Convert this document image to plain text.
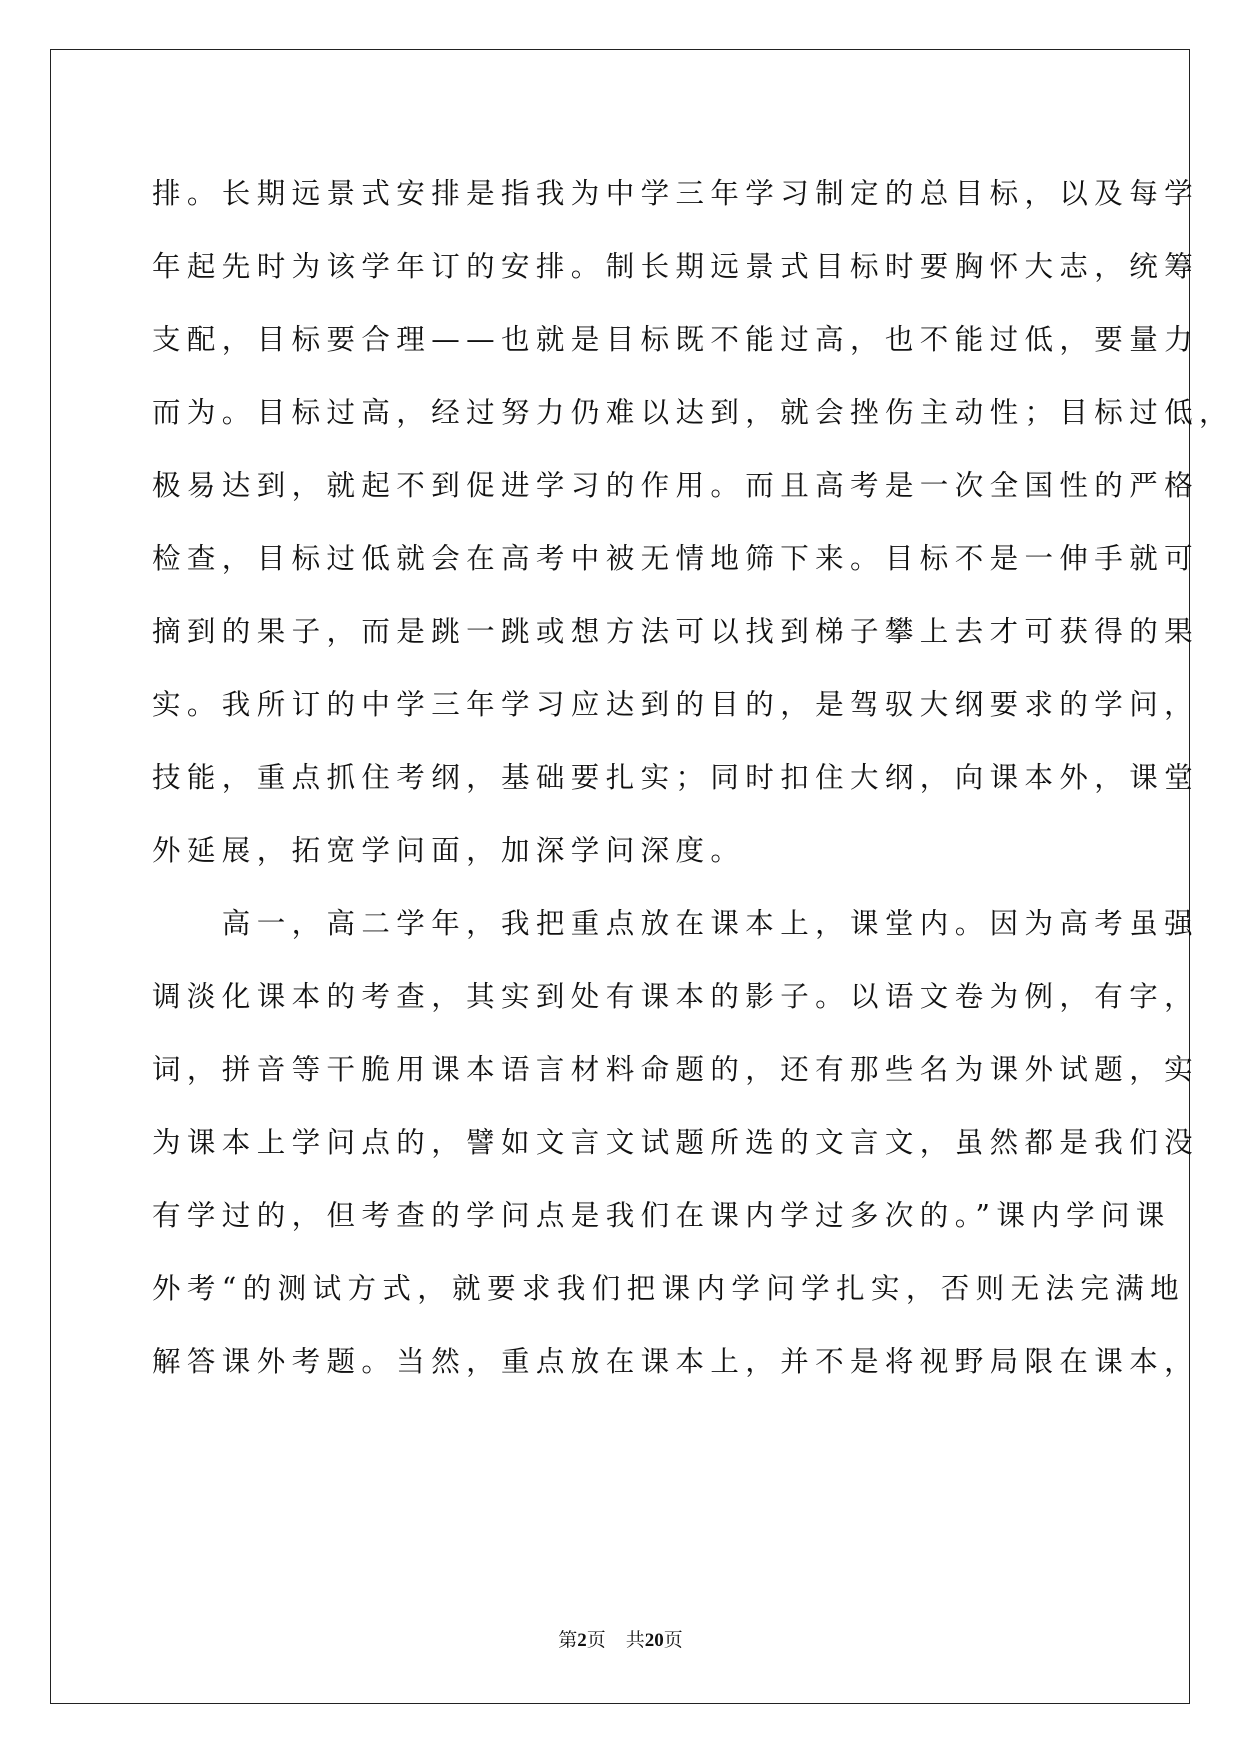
排。长期远景式安排是指我为中学三年学习制定的总目标，以及每学
年起先时为该学年订的安排。制长期远景式目标时要胸怀大志，统筹
支配，目标要合理——也就是目标既不能过高，也不能过低，要量力
而为。目标过高，经过努力仍难以达到，就会挫伤主动性；目标过低，
极易达到，就起不到促进学习的作用。而且高考是一次全国性的严格
检查，目标过低就会在高考中被无情地筛下来。目标不是一伸手就可
摘到的果子，而是跳一跳或想方法可以找到梯子攀上去才可获得的果
实。我所订的中学三年学习应达到的目的，是驾驭大纲要求的学问，
技能，重点抓住考纲，基础要扎实；同时扣住大纲，向课本外，课堂
外延展，拓宽学问面，加深学问深度。
　　高一，高二学年，我把重点放在课本上，课堂内。因为高考虽强
调淡化课本的考查，其实到处有课本的影子。以语文卷为例，有字，
词，拼音等干脆用课本语言材料命题的，还有那些名为课外试题，实
为课本上学问点的，譬如文言文试题所选的文言文，虽然都是我们没
有学过的，但考查的学问点是我们在课内学过多次的。”课内学问课
外考“的测试方式，就要求我们把课内学问学扎实，否则无法完满地
解答课外考题。当然，重点放在课本上，并不是将视野局限在课本，
第2页 共20页
